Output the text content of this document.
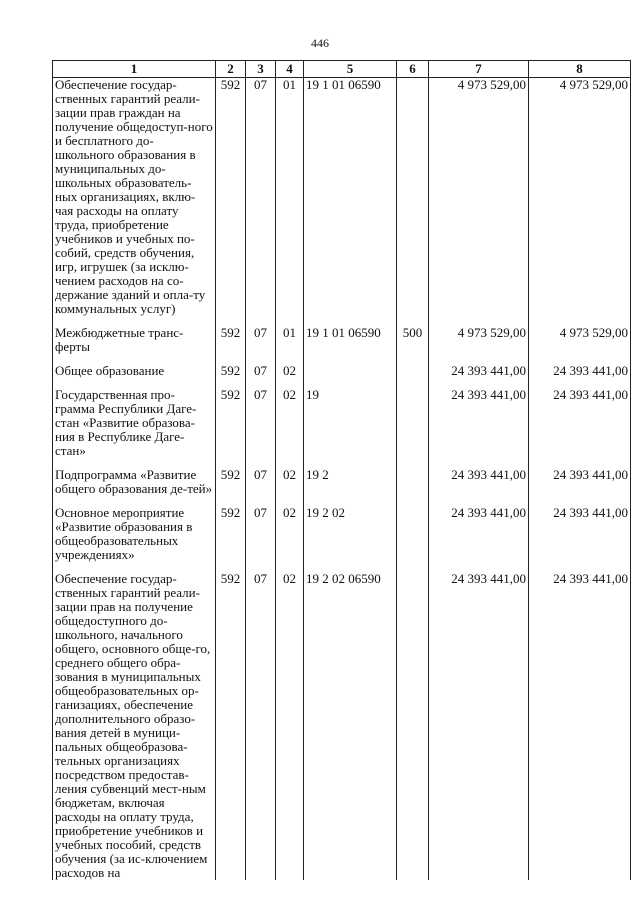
446
1	2	3	4	5	6	7	8
Обеспечение государ-ственных гарантий реали-зации прав граждан на получение общедоступ-ного и бесплатного до-школьного образования в муниципальных до-школьных образователь-ных организациях, вклю-чая расходы на оплату труда, приобретение учебников и учебных по-собий, средств обучения, игр, игрушек (за исклю-чением расходов на со-держание зданий и опла-ту коммунальных услуг)	592	07	01	19 1 01 06590		4 973 529,00	4 973 529,00

Межбюджетные транс-ферты	592	07	01	19 1 01 06590	500	4 973 529,00	4 973 529,00

Общее образование	592	07	02			24 393 441,00	24 393 441,00

Государственная про-грамма Республики Даге-стан «Развитие образова-ния в Республике Даге-стан»	592	07	02	19		24 393 441,00	24 393 441,00

Подпрограмма «Развитие общего образования де-тей»	592	07	02	19 2		24 393 441,00	24 393 441,00

Основное мероприятие «Развитие образования в общеобразовательных учреждениях»	592	07	02	19 2 02		24 393 441,00	24 393 441,00

Обеспечение государ-ственных гарантий реали-зации прав на получение общедоступного до-школьного, начального общего, основного обще-го, среднего общего обра-зования в муниципальных общеобразовательных ор-ганизациях, обеспечение дополнительного образо-вания детей в муници-пальных общеобразова-тельных организациях посредством предостав-ления субвенций мест-ным бюджетам, включая расходы на оплату труда, приобретение учебников и учебных пособий, средств обучения (за ис-ключением расходов на	592	07	02	19 2 02 06590		24 393 441,00	24 393 441,00
